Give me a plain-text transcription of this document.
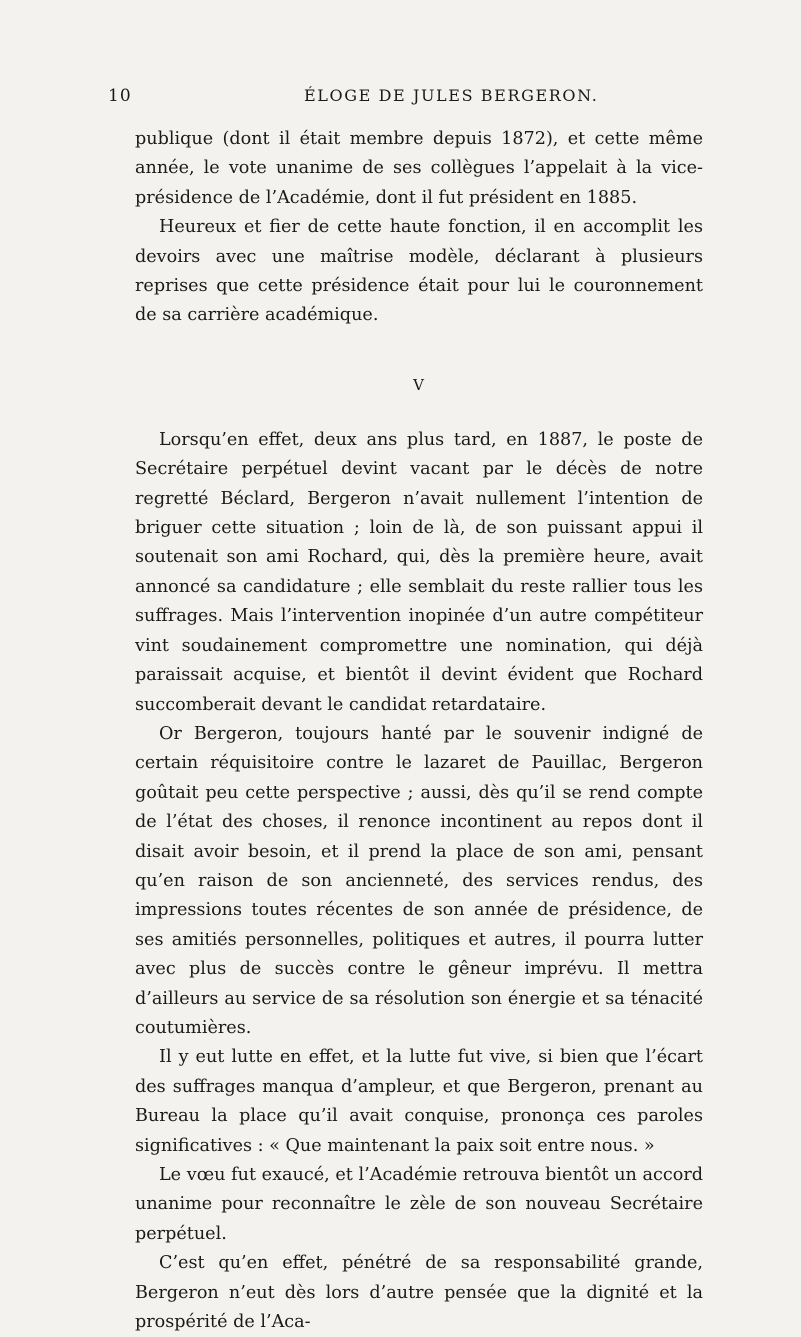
10	ÉLOGE DE JULES BERGERON.

publique (dont il était membre depuis 1872), et cette même année, le vote unanime de ses collègues l’appelait à la vice-présidence de l’Académie, dont il fut président en 1885.

Heureux et fier de cette haute fonction, il en accomplit les devoirs avec une maîtrise modèle, déclarant à plusieurs reprises que cette présidence était pour lui le couronnement de sa carrière académique.

V

Lorsqu’en effet, deux ans plus tard, en 1887, le poste de Secrétaire perpétuel devint vacant par le décès de notre regretté Béclard, Bergeron n’avait nullement l’intention de briguer cette situation ; loin de là, de son puissant appui il soutenait son ami Rochard, qui, dès la première heure, avait annoncé sa candidature ; elle semblait du reste rallier tous les suffrages. Mais l’intervention inopinée d’un autre compétiteur vint soudainement compromettre une nomination, qui déjà paraissait acquise, et bientôt il devint évident que Rochard succomberait devant le candidat retardataire.

Or Bergeron, toujours hanté par le souvenir indigné de certain réquisitoire contre le lazaret de Pauillac, Bergeron goûtait peu cette perspective ; aussi, dès qu’il se rend compte de l’état des choses, il renonce incontinent au repos dont il disait avoir besoin, et il prend la place de son ami, pensant qu’en raison de son ancienneté, des services rendus, des impressions toutes récentes de son année de présidence, de ses amitiés personnelles, politiques et autres, il pourra lutter avec plus de succès contre le gêneur imprévu. Il mettra d’ailleurs au service de sa résolution son énergie et sa ténacité coutumières.

Il y eut lutte en effet, et la lutte fut vive, si bien que l’écart des suffrages manqua d’ampleur, et que Bergeron, prenant au Bureau la place qu’il avait conquise, prononça ces paroles significatives : « Que maintenant la paix soit entre nous. »

Le vœu fut exaucé, et l’Académie retrouva bientôt un accord unanime pour reconnaître le zèle de son nouveau Secrétaire perpétuel.

C’est qu’en effet, pénétré de sa responsabilité grande, Bergeron n’eut dès lors d’autre pensée que la dignité et la prospérité de l’Aca-
